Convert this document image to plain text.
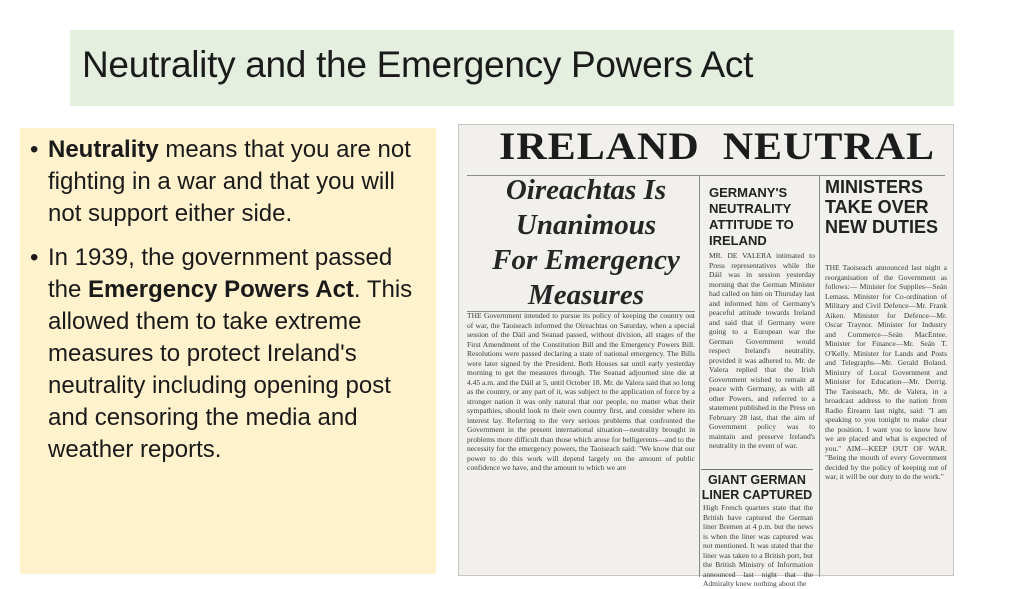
Neutrality and the Emergency Powers Act
• Neutrality means that you are not fighting in a war and that you will not support either side.
• In 1939, the government passed the Emergency Powers Act. This allowed them to take extreme measures to protect Ireland's neutrality including opening post and censoring the media and weather reports.
IRELAND  NEUTRAL
Oireachtas Is
Unanimous
For Emergency
Measures
THE Government intended to pursue its policy of keeping the country out of war, the Taoiseach informed the Oireachtas on Saturday, when a special session of the Dáil and Seanad passed, without division, all stages of the First Amendment of the Constitution Bill and the Emergency Powers Bill. Resolutions were passed declaring a state of national emergency. The Bills were later signed by the President. Both Houses sat until early yesterday morning to get the measures through. The Seanad adjourned sine die at 4.45 a.m. and the Dáil at 5, until October 18. Mr. de Valera said that so long as the country, or any part of it, was subject to the application of force by a stronger nation it was only natural that our people, no matter what their sympathies, should look to their own country first, and consider where its interest lay. Referring to the very serious problems that confronted the Government in the present international situation—neutrality brought in problems more difficult than those which arose for belligerents—and to the necessity for the emergency powers, the Taoiseach said: "We know that our power to do this work will depend largely on the amount of public confidence we have, and the amount to which we are
GERMANY'S NEUTRALITY ATTITUDE TO IRELAND
MR. DE VALERA intimated to Press representatives while the Dáil was in session yesterday morning that the German Minister had called on him on Thursday last and informed him of Germany's peaceful attitude towards Ireland and said that if Germany were going to a European war the German Government would respect Ireland's neutrality, provided it was adhered to. Mr. de Valera replied that the Irish Government wished to remain at peace with Germany, as with all other Powers, and referred to a statement published in the Press on February 28 last, that the aim of Government policy was to maintain and preserve Ireland's neutrality in the event of war.
GIANT GERMAN LINER CAPTURED
High French quarters state that the British have captured the German liner Bremen at 4 p.m. but the news is when the liner was captured was not mentioned. It was stated that the liner was taken to a British port, but the British Ministry of Information announced last night that the Admiralty knew nothing about the
MINISTERS TAKE OVER NEW DUTIES
THE Taoiseach announced last night a reorganisation of the Government as follows:— Minister for Supplies—Seán Lemass. Minister for Co-ordination of Military and Civil Defence—Mr. Frank Aiken. Minister for Defence—Mr. Oscar Traynor. Minister for Industry and Commerce—Seán MacEntee. Minister for Finance—Mr. Seán T. O'Kelly. Minister for Lands and Posts and Telegraphs—Mr. Gerald Boland. Ministry of Local Government and Minister for Education—Mr. Derrig. The Taoiseach, Mr. de Valera, in a broadcast address to the nation from Radio Éireann last night, said: "I am speaking to you tonight to make clear the position. I want you to know how we are placed and what is expected of you." AIM—KEEP OUT OF WAR. "Being the mouth of every Government decided by the policy of keeping out of war, it will be our duty to do the work."
